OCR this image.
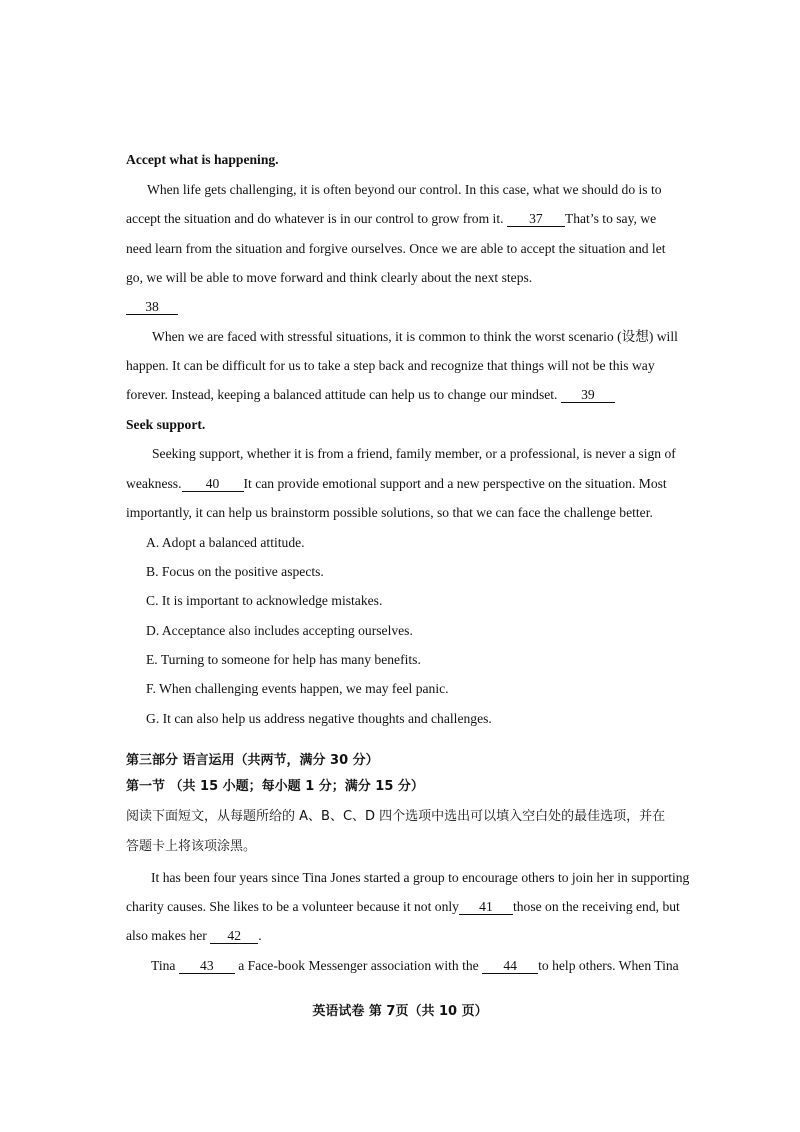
Accept what is happening.
When life gets challenging, it is often beyond our control. In this case, what we should do is to
accept the situation and do whatever is in our control to grow from it. 37 That’s to say, we
need learn from the situation and forgive ourselves. Once we are able to accept the situation and let
go, we will be able to move forward and think clearly about the next steps.
38
When we are faced with stressful situations, it is common to think the worst scenario (设想) will
happen. It can be difficult for us to take a step back and recognize that things will not be this way
forever. Instead, keeping a balanced attitude can help us to change our mindset. 39
Seek support.
Seeking support, whether it is from a friend, family member, or a professional, is never a sign of
weakness. 40 It can provide emotional support and a new perspective on the situation. Most
importantly, it can help us brainstorm possible solutions, so that we can face the challenge better.
A. Adopt a balanced attitude.
B. Focus on the positive aspects.
C. It is important to acknowledge mistakes.
D. Acceptance also includes accepting ourselves.
E. Turning to someone for help has many benefits.
F. When challenging events happen, we may feel panic.
G. It can also help us address negative thoughts and challenges.
第三部分 语言运用（共两节，满分 30 分）
第一节 （共 15 小题；每小题 1 分；满分 15 分）
阅读下面短文，从每题所给的 A、B、C、D 四个选项中选出可以填入空白处的最佳选项，并在
答题卡上将该项涂黑。
It has been four years since Tina Jones started a group to encourage others to join her in supporting
charity causes. She likes to be a volunteer because it not only 41 those on the receiving end, but
also makes her 42 .
Tina 43 a Face-book Messenger association with the 44 to help others. When Tina
英语试卷 第 7页（共 10 页）
